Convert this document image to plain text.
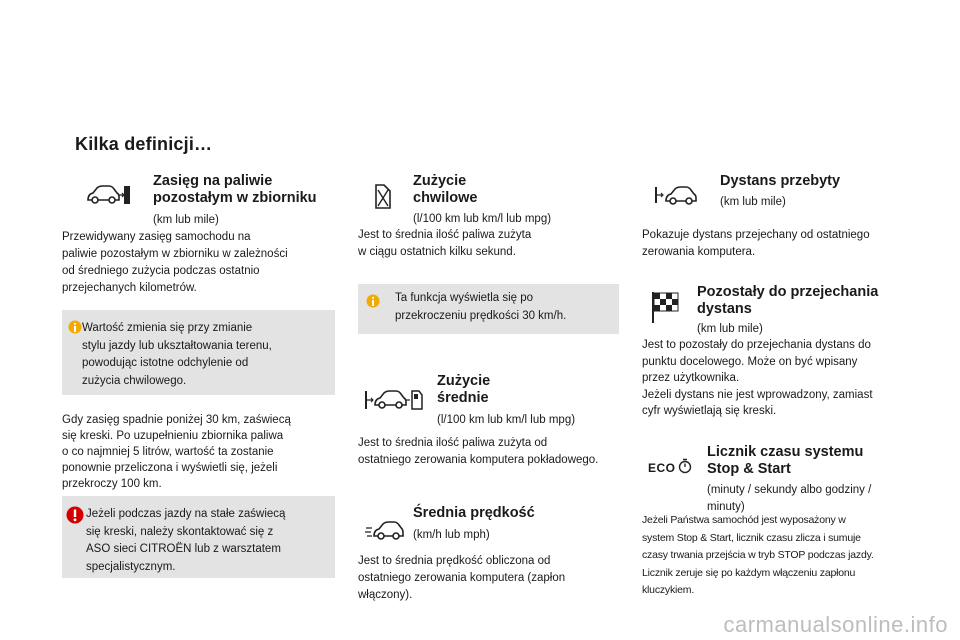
Kilka definicji…
Zasięg na paliwie
pozostałym w zbiorniku
(km lub mile)

Przewidywany zasięg samochodu na

paliwie pozostałym w zbiorniku w zależności

od średniego zużycia podczas ostatnio

przejechanych kilometrów.

Wartość zmienia się przy zmianie
stylu jazdy lub ukształtowania terenu,
powodując istotne odchylenie od
zużycia chwilowego.

Gdy zasięg spadnie poniżej 30 km, zaświecą

się kreski. Po uzupełnieniu zbiornika paliwa

o co najmniej 5 litrów, wartość ta zostanie

ponownie przeliczona i wyświetli się, jeżeli

przekroczy 100 km.

Jeżeli podczas jazdy na stałe zaświecą
się kreski, należy skontaktować się z
ASO sieci CITROËN lub z warsztatem
specjalistycznym.
Zużycie
chwilowe
(l/100 km lub km/l lub mpg)

Jest to średnia ilość paliwa zużyta

w ciągu ostatnich kilku sekund.

Ta funkcja wyświetla się po
przekroczeniu prędkości 30 km/h.
Zużycie
średnie
(l/100 km lub km/l lub mpg)

Jest to średnia ilość paliwa zużyta od

ostatniego zerowania komputera pokładowego.

Średnia prędkość
(km/h lub mph)

Jest to średnia prędkość obliczona od

ostatniego zerowania komputera (zapłon

włączony).

Dystans przebyty
(km lub mile)

Pokazuje dystans przejechany od ostatniego

zerowania komputera.

Pozostały do przejechania
dystans
(km lub mile)

Jest to pozostały do przejechania dystans do

punktu docelowego. Może on być wpisany

przez użytkownika.

Jeżeli dystans nie jest wprowadzony, zamiast

cyfr wyświetlają się kreski.

ECO
Licznik czasu systemu
Stop & Start

(minuty / sekundy albo godziny /

minuty)

Jeżeli Państwa samochód jest wyposażony w
system Stop & Start, licznik czasu zlicza i sumuje
czasy trwania przejścia w tryb STOP podczas jazdy.
Licznik zeruje się po każdym włączeniu zapłonu
kluczykiem.
carmanualsonline.info
